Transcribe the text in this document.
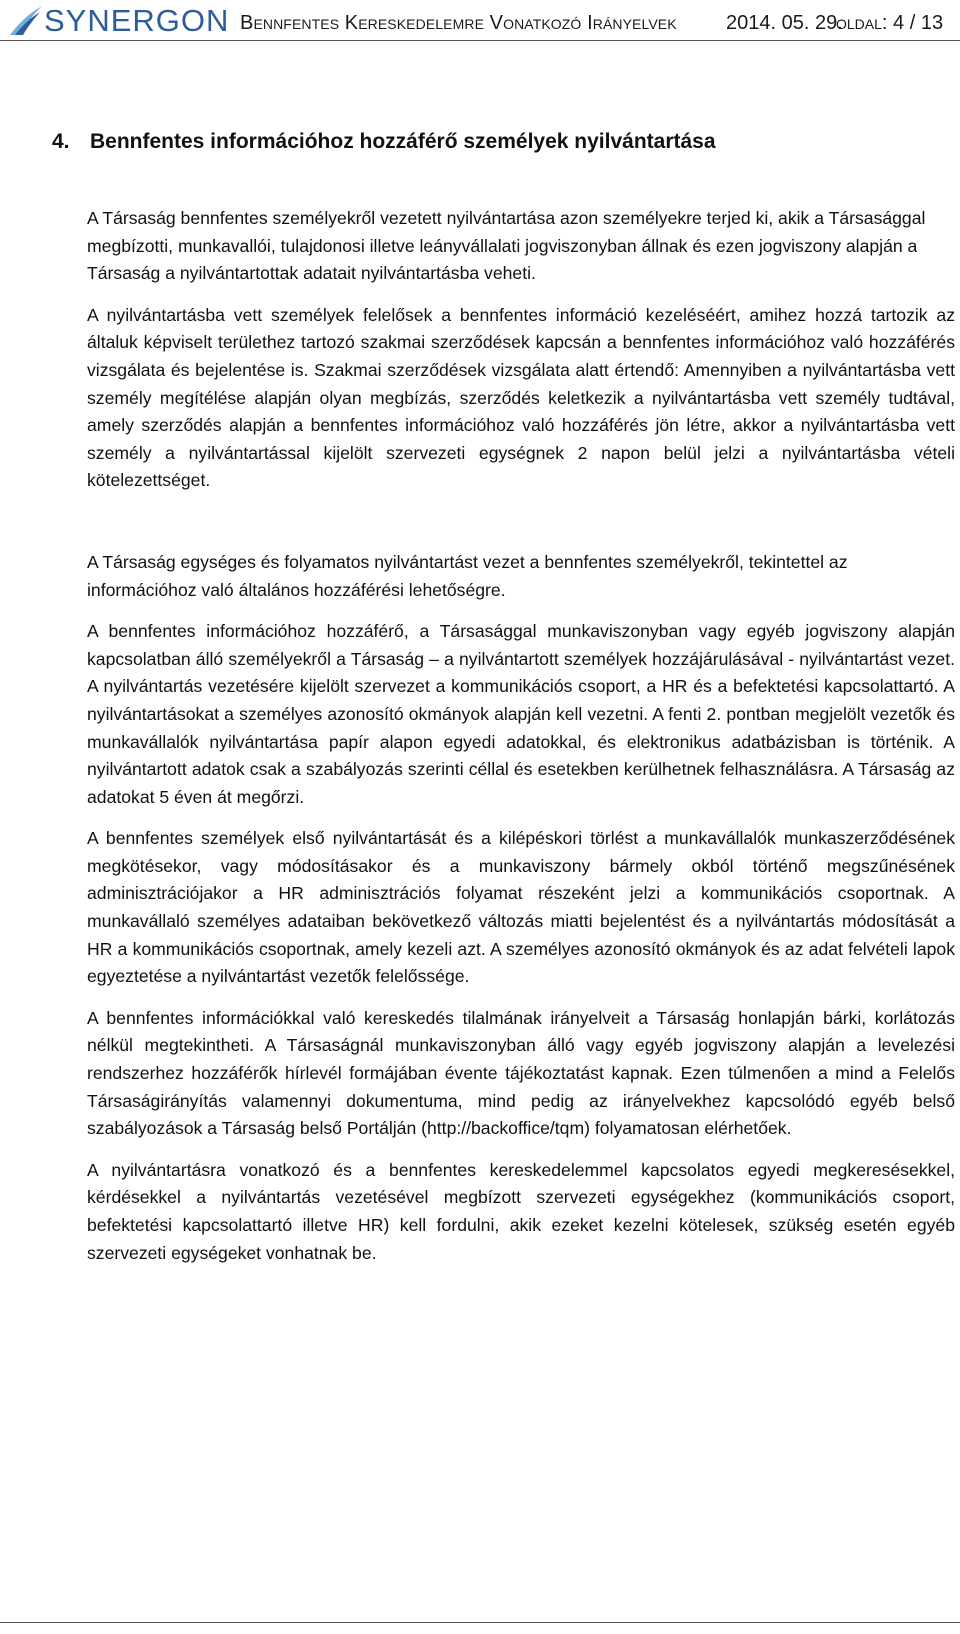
SYNERGON Bennfentes Kereskedelemre Vonatkozó Irányelvek 2014. 05. 29.
oldal: 4 / 13
4. Bennfentes információhoz hozzáférő személyek nyilvántartása

A Társaság bennfentes személyekről vezetett nyilvántartása azon személyekre terjed ki, akik a Társasággal megbízotti, munkavallói, tulajdonosi illetve leányvállalati jogviszonyban állnak és ezen jogviszony alapján a Társaság a nyilvántartottak adatait nyilvántartásba veheti.

A nyilvántartásba vett személyek felelősek a bennfentes információ kezeléséért, amihez hozzá tartozik az általuk képviselt területhez tartozó szakmai szerződések kapcsán a bennfentes információhoz való hozzáférés vizsgálata és bejelentése is. Szakmai szerződések vizsgálata alatt értendő: Amennyiben a nyilvántartásba vett személy megítélése alapján olyan megbízás, szerződés keletkezik a nyilvántartásba vett személy tudtával, amely szerződés alapján a bennfentes információhoz való hozzáférés jön létre, akkor a nyilvántartásba vett személy a nyilvántartással kijelölt szervezeti egységnek 2 napon belül jelzi a nyilvántartásba vételi kötelezettséget.

A Társaság egységes és folyamatos nyilvántartást vezet a bennfentes személyekről, tekintettel az információhoz való általános hozzáférési lehetőségre.

A bennfentes információhoz hozzáférő, a Társasággal munkaviszonyban vagy egyéb jogviszony alapján kapcsolatban álló személyekről a Társaság – a nyilvántartott személyek hozzájárulásával - nyilvántartást vezet. A nyilvántartás vezetésére kijelölt szervezet a kommunikációs csoport, a HR és a befektetési kapcsolattartó. A nyilvántartásokat a személyes azonosító okmányok alapján kell vezetni. A fenti 2. pontban megjelölt vezetők és munkavállalók nyilvántartása papír alapon egyedi adatokkal, és elektronikus adatbázisban is történik. A nyilvántartott adatok csak a szabályozás szerinti céllal és esetekben kerülhetnek felhasználásra. A Társaság az adatokat 5 éven át megőrzi.

A bennfentes személyek első nyilvántartását és a kilépéskori törlést a munkavállalók munkaszerződésének megkötésekor, vagy módosításakor és a munkaviszony bármely okból történő megszűnésének adminisztrációjakor a HR adminisztrációs folyamat részeként jelzi a kommunikációs csoportnak. A munkavállaló személyes adataiban bekövetkező változás miatti bejelentést és a nyilvántartás módosítását a HR a kommunikációs csoportnak, amely kezeli azt. A személyes azonosító okmányok és az adat felvételi lapok egyeztetése a nyilvántartást vezetők felelőssége.

A bennfentes információkkal való kereskedés tilalmának irányelveit a Társaság honlapján bárki, korlátozás nélkül megtekintheti. A Társaságnál munkaviszonyban álló vagy egyéb jogviszony alapján a levelezési rendszerhez hozzáférők hírlevél formájában évente tájékoztatást kapnak. Ezen túlmenően a mind a Felelős Társaságirányítás valamennyi dokumentuma, mind pedig az irányelvekhez kapcsolódó egyéb belső szabályozások a Társaság belső Portálján (http://backoffice/tqm) folyamatosan elérhetőek.

A nyilvántartásra vonatkozó és a bennfentes kereskedelemmel kapcsolatos egyedi megkeresésekkel, kérdésekkel a nyilvántartás vezetésével megbízott szervezeti egységekhez (kommunikációs csoport, befektetési kapcsolattartó illetve HR) kell fordulni, akik ezeket kezelni kötelesek, szükség esetén egyéb szervezeti egységeket vonhatnak be.
